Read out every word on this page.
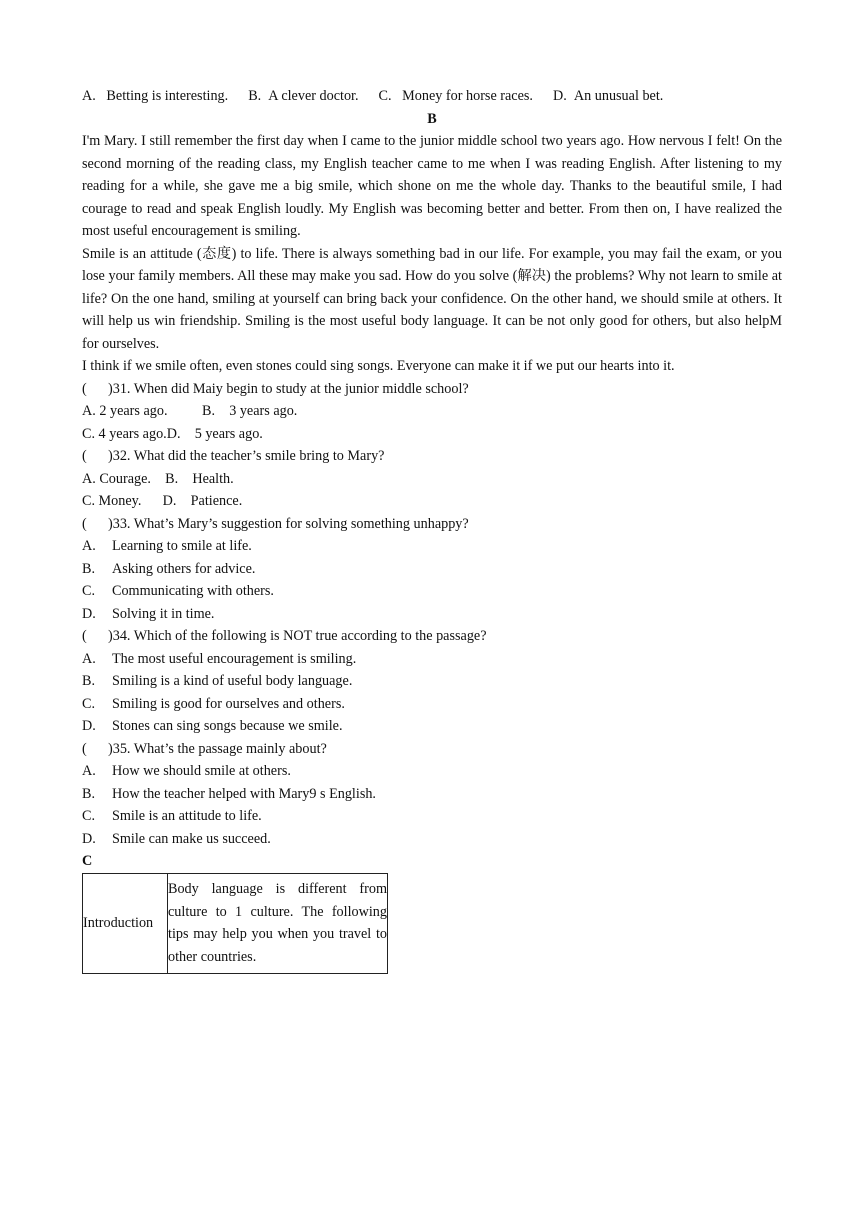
A.   Betting is interesting. B.  A clever doctor. C.   Money for horse races. D.  An unusual bet.
B

I'm Mary. I still remember the first day when I came to the junior middle school two years ago. How nervous I felt! On the second morning of the reading class, my English teacher came to me when I was reading English. After listening to my reading for a while, she gave me a big smile, which shone on me the whole day. Thanks to the beautiful smile, I had courage to read and speak English loudly. My English was becoming better and better. From then on, I have realized the most useful encouragement is smiling.

Smile is an attitude (态度) to life. There is always something bad in our life. For example, you may fail the exam, or you lose your family members. All these may make you sad. How do you solve (解决) the problems? Why not learn to smile at life? On the one hand, smiling at yourself can bring back your confidence. On the other hand, we should smile at others. It will help us win friendship. Smiling is the most useful body language. It can be not only good for others, but also helpM for ourselves.

I think if we smile often, even stones could sing songs. Everyone can make it if we put our hearts into it.

(      )31. When did Maiy begin to study at the junior middle school?
A. 2 years ago.	B.    3 years ago.
C. 4 years ago.D.    5 years ago.
(      )32. What did the teacher’s smile bring to Mary?
A. Courage.    B.    Health.
C. Money.      D.    Patience.
(      )33. What’s Mary’s suggestion for solving something unhappy?
A. Learning to smile at life.
B. Asking others for advice.
C. Communicating with others.
D. Solving it in time.
(      )34. Which of the following is NOT true according to the passage?
A. The most useful encouragement is smiling.
B. Smiling is a kind of useful body language.
C. Smiling is good for ourselves and others.
D. Stones can sing songs because we smile.
(      )35. What’s the passage mainly about?
A. How we should smile at others.
B. How the teacher helped with Mary9 s English.
C. Smile is an attitude to life.
D. Smile can make us succeed.
C
Introduction	Body language is different from culture to 1 culture. The following tips may help you when you travel to other countries.
